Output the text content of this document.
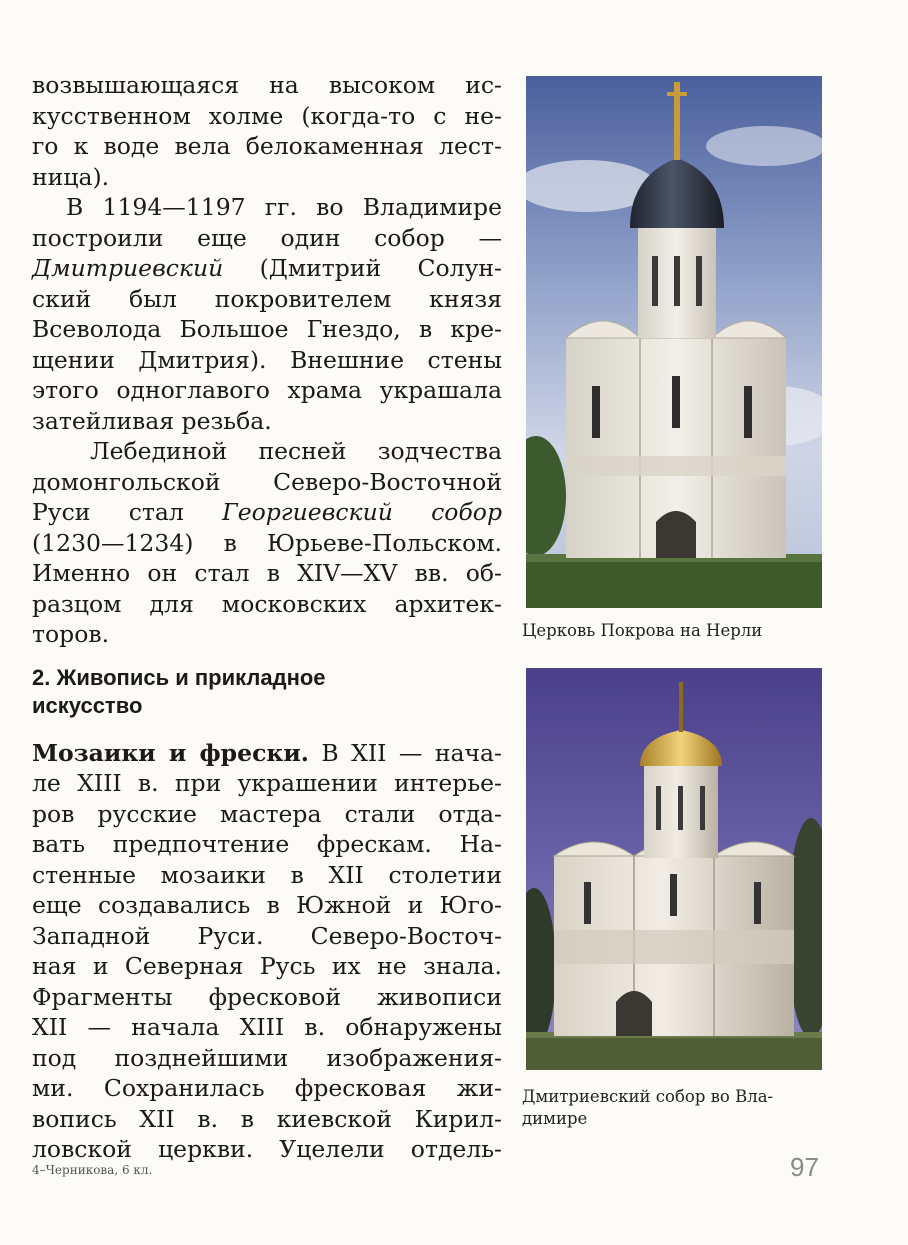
возвышающаяся на высоком ис-
кусственном холме (когда-то с не-
го к воде вела белокаменная лест-
ница).
В 1194—1197 гг. во Владимире
построили еще один собор —
Дмитриевский (Дмитрий Солун-
ский был покровителем князя
Всеволода Большое Гнездо, в кре-
щении Дмитрия). Внешние стены
этого одноглавого храма украшала
затейливая резьба.
Лебединой песней зодчества
домонгольской Северо-Восточной
Руси стал Георгиевский собор
(1230—1234) в Юрьеве-Польском.
Именно он стал в XIV—XV вв. об-
разцом для московских архитек-
торов.
2. Живопись и прикладное
искусство
Мозаики и фрески. В XII — нача-
ле XIII в. при украшении интерье-
ров русские мастера стали отда-
вать предпочтение фрескам. На-
стенные мозаики в XII столетии
еще создавались в Южной и Юго-
Западной Руси. Северо-Восточ-
ная и Северная Русь их не знала.
Фрагменты фресковой живописи
XII — начала XIII в. обнаружены
под позднейшими изображения-
ми. Сохранилась фресковая жи-
вопись XII в. в киевской Кирил-
ловской церкви. Уцелели отдель-
Церковь Покрова на Нерли
Дмитриевский собор во Вла-
димире
4–Черникова, 6 кл.	97
